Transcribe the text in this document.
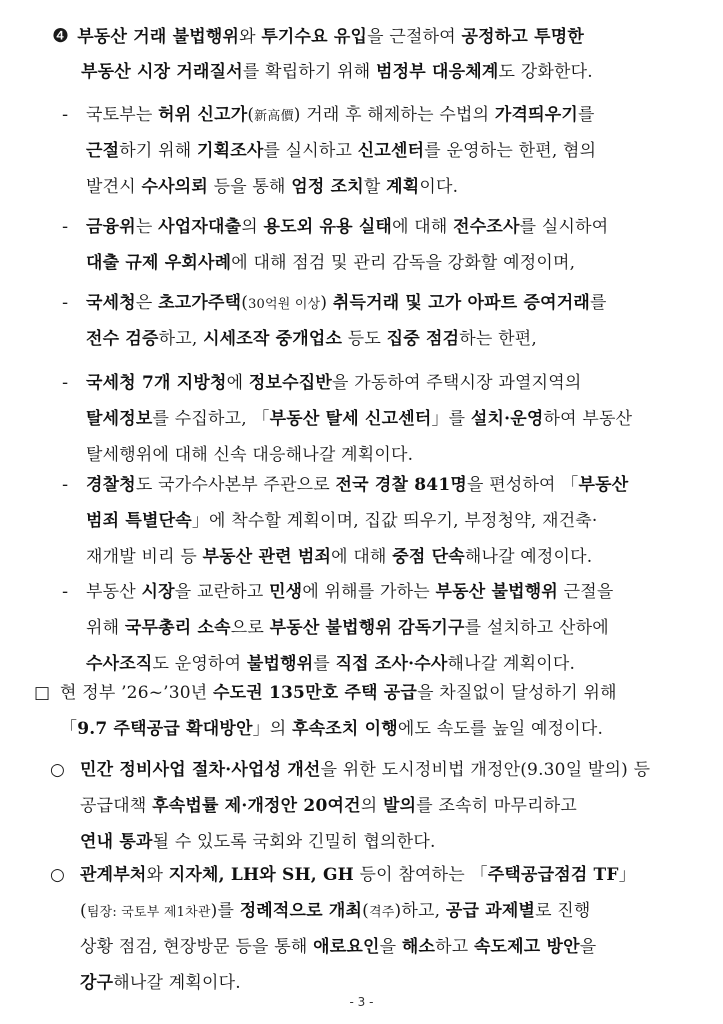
❹ 부동산 거래 불법행위와 투기수요 유입을 근절하여 공정하고 투명한
부동산 시장 거래질서를 확립하기 위해 범정부 대응체계도 강화한다.
- 국토부는 허위 신고가(新高價) 거래 후 해제하는 수법의 가격띄우기를
근절하기 위해 기획조사를 실시하고 신고센터를 운영하는 한편, 혐의
발견시 수사의뢰 등을 통해 엄정 조치할 계획이다.
- 금융위는 사업자대출의 용도외 유용 실태에 대해 전수조사를 실시하여
대출 규제 우회사례에 대해 점검 및 관리 감독을 강화할 예정이며,
- 국세청은 초고가주택(30억원 이상) 취득거래 및 고가 아파트 증여거래를
전수 검증하고, 시세조작 중개업소 등도 집중 점검하는 한편,
- 국세청 7개 지방청에 정보수집반을 가동하여 주택시장 과열지역의
탈세정보를 수집하고, 「부동산 탈세 신고센터」를 설치·운영하여 부동산
탈세행위에 대해 신속 대응해나갈 계획이다.
- 경찰청도 국가수사본부 주관으로 전국 경찰 841명을 편성하여 「부동산
범죄 특별단속」에 착수할 계획이며, 집값 띄우기, 부정청약, 재건축·
재개발 비리 등 부동산 관련 범죄에 대해 중점 단속해나갈 예정이다.
- 부동산 시장을 교란하고 민생에 위해를 가하는 부동산 불법행위 근절을
위해 국무총리 소속으로 부동산 불법행위 감독기구를 설치하고 산하에
수사조직도 운영하여 불법행위를 직접 조사·수사해나갈 계획이다.
□ 현 정부 ’26~’30년 수도권 135만호 주택 공급을 차질없이 달성하기 위해
「9.7 주택공급 확대방안」의 후속조치 이행에도 속도를 높일 예정이다.
○ 민간 정비사업 절차·사업성 개선을 위한 도시정비법 개정안(9.30일 발의) 등
공급대책 후속법률 제·개정안 20여건의 발의를 조속히 마무리하고
연내 통과될 수 있도록 국회와 긴밀히 협의한다.
○ 관계부처와 지자체, LH와 SH, GH 등이 참여하는 「주택공급점검 TF」
(팀장: 국토부 제1차관)를 정례적으로 개최(격주)하고, 공급 과제별로 진행
상황 점검, 현장방문 등을 통해 애로요인을 해소하고 속도제고 방안을
강구해나갈 계획이다.
- 3 -
